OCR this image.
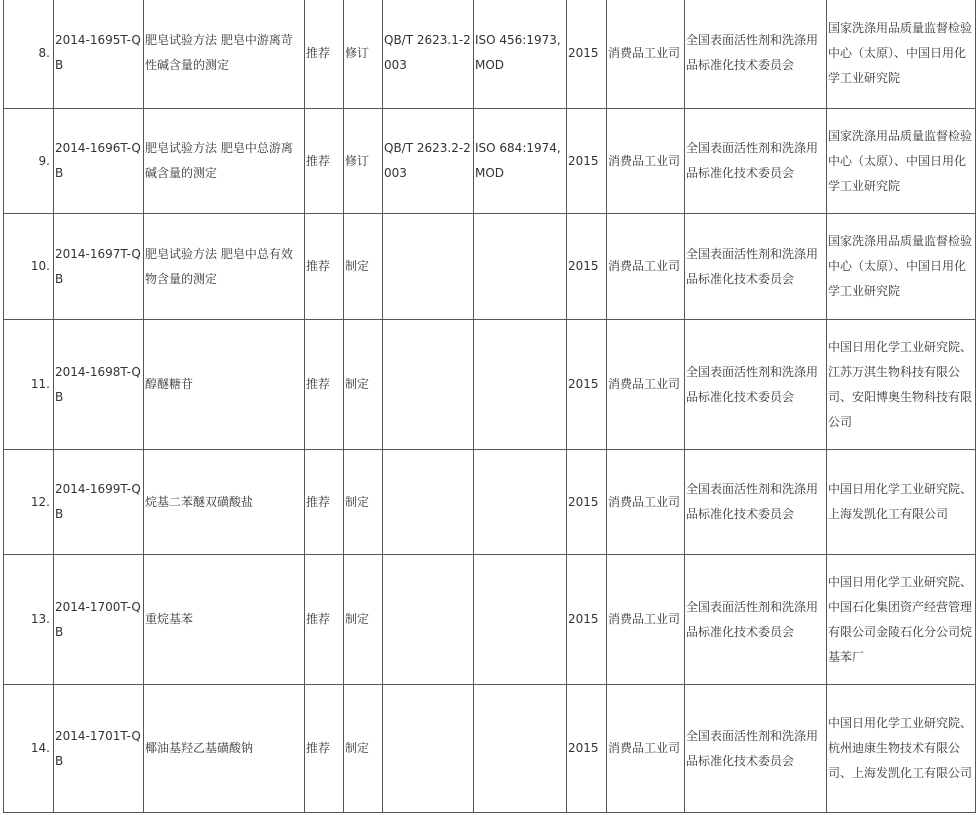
8.	2014-1695T-QB	肥皂试验方法 肥皂中游离苛性碱含量的测定	推荐	修订	QB/T 2623.1-2003	ISO 456:1973,MOD	2015	消费品工业司	全国表面活性剂和洗涤用品标准化技术委员会	国家洗涤用品质量监督检验中心（太原）、中国日用化学工业研究院
9.	2014-1696T-QB	肥皂试验方法 肥皂中总游离碱含量的测定	推荐	修订	QB/T 2623.2-2003	ISO 684:1974,MOD	2015	消费品工业司	全国表面活性剂和洗涤用品标准化技术委员会	国家洗涤用品质量监督检验中心（太原）、中国日用化学工业研究院
10.	2014-1697T-QB	肥皂试验方法 肥皂中总有效物含量的测定	推荐	制定			2015	消费品工业司	全国表面活性剂和洗涤用品标准化技术委员会	国家洗涤用品质量监督检验中心（太原）、中国日用化学工业研究院
11.	2014-1698T-QB	醇醚糖苷	推荐	制定			2015	消费品工业司	全国表面活性剂和洗涤用品标准化技术委员会	中国日用化学工业研究院、江苏万淇生物科技有限公司、安阳博奥生物科技有限公司
12.	2014-1699T-QB	烷基二苯醚双磺酸盐	推荐	制定			2015	消费品工业司	全国表面活性剂和洗涤用品标准化技术委员会	中国日用化学工业研究院、上海发凯化工有限公司
13.	2014-1700T-QB	重烷基苯	推荐	制定			2015	消费品工业司	全国表面活性剂和洗涤用品标准化技术委员会	中国日用化学工业研究院、中国石化集团资产经营管理有限公司金陵石化分公司烷基苯厂
14.	2014-1701T-QB	椰油基羟乙基磺酸钠	推荐	制定			2015	消费品工业司	全国表面活性剂和洗涤用品标准化技术委员会	中国日用化学工业研究院、杭州迪康生物技术有限公司、上海发凯化工有限公司
